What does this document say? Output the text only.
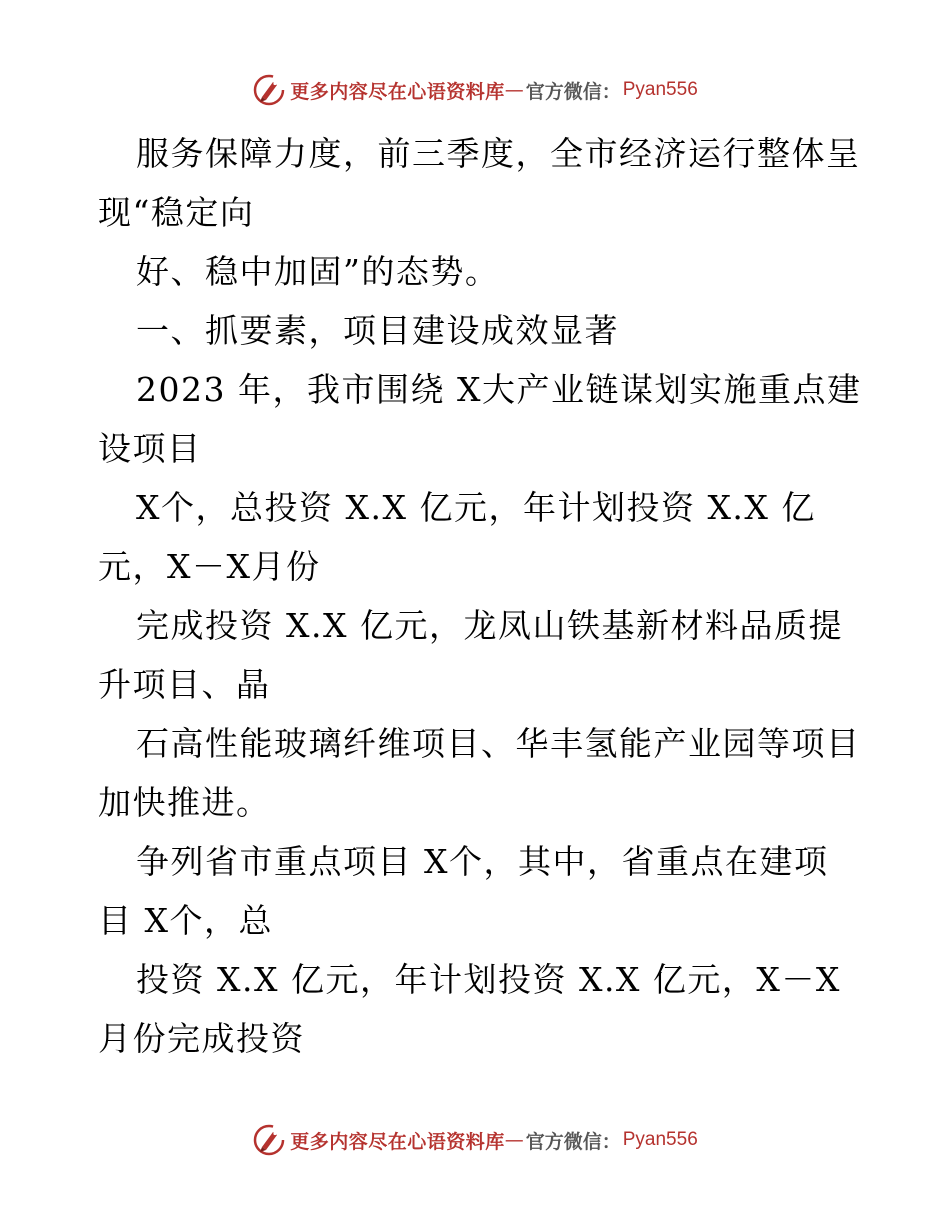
更多内容尽在心语资料库 — 官方微信： Pyan556
服务保障力度，前三季度，全市经济运行整体呈
现“稳定向
好、稳中加固”的态势。
一、抓要素，项目建设成效显著
2023 年，我市围绕 X大产业链谋划实施重点建
设项目
X个，总投资 X.X 亿元，年计划投资 X.X 亿
元，X－X月份
完成投资 X.X 亿元，龙凤山铁基新材料品质提
升项目、晶
石高性能玻璃纤维项目、华丰氢能产业园等项目
加快推进。
争列省市重点项目 X个，其中，省重点在建项
目 X个，总
投资 X.X 亿元，年计划投资 X.X 亿元，X－X
月份完成投资
更多内容尽在心语资料库 — 官方微信： Pyan556
